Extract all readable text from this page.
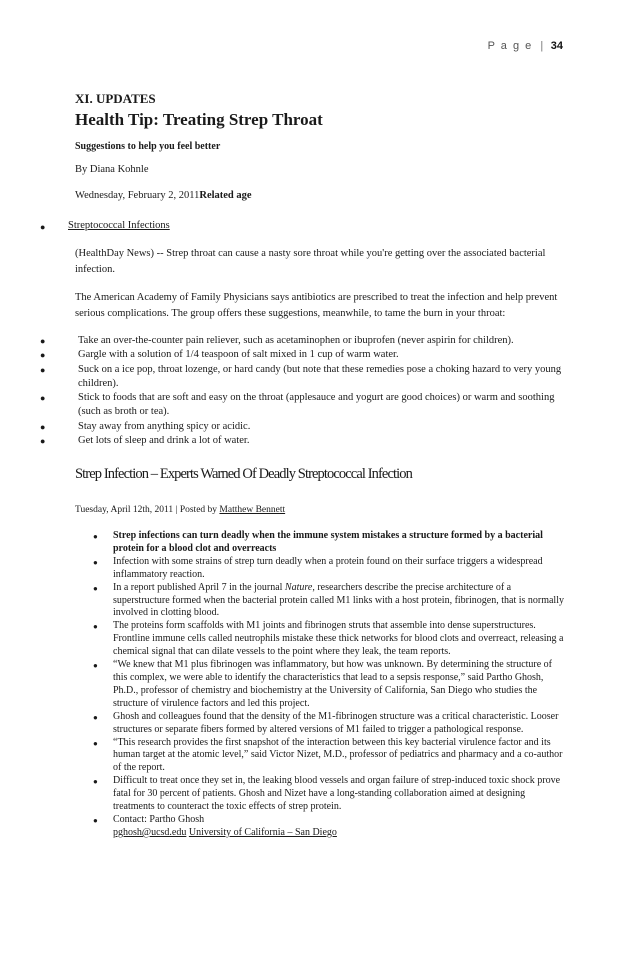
P a g e | 34
XI. UPDATES
Health Tip: Treating Strep Throat
Suggestions to help you feel better
By Diana Kohnle
Wednesday, February 2, 2011Related age
●	Streptococcal Infections
(HealthDay News) -- Strep throat can cause a nasty sore throat while you're getting over the associated bacterial infection.
The American Academy of Family Physicians says antibiotics are prescribed to treat the infection and help prevent serious complications. The group offers these suggestions, meanwhile, to tame the burn in your throat:
●	Take an over-the-counter pain reliever, such as acetaminophen or ibuprofen (never aspirin for children).
●	Gargle with a solution of 1/4 teaspoon of salt mixed in 1 cup of warm water.
●	Suck on a ice pop, throat lozenge, or hard candy (but note that these remedies pose a choking hazard to very young children).
●	Stick to foods that are soft and easy on the throat (applesauce and yogurt are good choices) or warm and soothing (such as broth or tea).
●	Stay away from anything spicy or acidic.
●	Get lots of sleep and drink a lot of water.
Strep Infection – Experts Warned Of Deadly Streptococcal Infection
Tuesday, April 12th, 2011 | Posted by Matthew Bennett
●	Strep infections can turn deadly when the immune system mistakes a structure formed by a bacterial protein for a blood clot and overreacts
●	Infection with some strains of strep turn deadly when a protein found on their surface triggers a widespread inflammatory reaction.
●	In a report published April 7 in the journal Nature, researchers describe the precise architecture of a superstructure formed when the bacterial protein called M1 links with a host protein, fibrinogen, that is normally involved in clotting blood.
●	The proteins form scaffolds with M1 joints and fibrinogen struts that assemble into dense superstructures. Frontline immune cells called neutrophils mistake these thick networks for blood clots and overreact, releasing a chemical signal that can dilate vessels to the point where they leak, the team reports.
●	“We knew that M1 plus fibrinogen was inflammatory, but how was unknown. By determining the structure of this complex, we were able to identify the characteristics that lead to a sepsis response,” said Partho Ghosh, Ph.D., professor of chemistry and biochemistry at the University of California, San Diego who studies the structure of virulence factors and led this project.
●	Ghosh and colleagues found that the density of the M1-fibrinogen structure was a critical characteristic. Looser structures or separate fibers formed by altered versions of M1 failed to trigger a pathological response.
●	“This research provides the first snapshot of the interaction between this key bacterial virulence factor and its human target at the atomic level,” said Victor Nizet, M.D., professor of pediatrics and pharmacy and a co-author of the report.
●	Difficult to treat once they set in, the leaking blood vessels and organ failure of strep-induced toxic shock prove fatal for 30 percent of patients. Ghosh and Nizet have a long-standing collaboration aimed at designing treatments to counteract the toxic effects of strep protein.
●	Contact: Partho Ghosh
pghosh@ucsd.edu University of California – San Diego
